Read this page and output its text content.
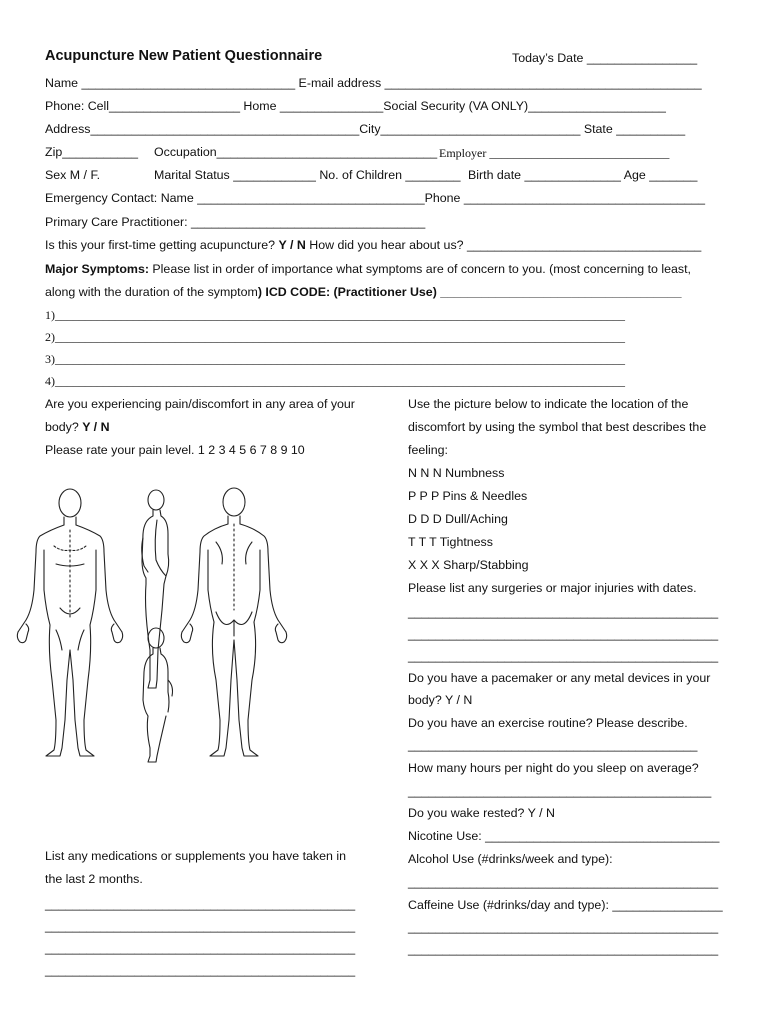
Acupuncture New Patient Questionnaire	Today’s Date ________________
Name _______________________________ E-mail address ______________________________________________
Phone: Cell___________________ Home _______________Social Security (VA ONLY)____________________
Address_______________________________________City_____________________________ State __________
Zip___________ Occupation________________________________ Employer ______________________________
Sex M / F.	Marital Status ____________ No. of Children ________ Birth date ______________ Age _______
Emergency Contact: Name _________________________________Phone ___________________________________
Primary Care Practitioner: __________________________________
Is this your first-time getting acupuncture? Y / N How did you hear about us? __________________________________
Major Symptoms: Please list in order of importance what symptoms are of concern to you. (most concerning to least,
along with the duration of the symptom) ICD CODE: (Practitioner Use) ___________________________________
1)_______________________________________________________________________________________________
2)_______________________________________________________________________________________________
3)_______________________________________________________________________________________________
4)_______________________________________________________________________________________________
Are you experiencing pain/discomfort in any area of your
body? Y / N
Please rate your pain level. 1 2 3 4 5 6 7 8 9 10
List any medications or supplements you have taken in
the last 2 months.
_____________________________________________
_____________________________________________
_____________________________________________
_____________________________________________
Use the picture below to indicate the location of the
discomfort by using the symbol that best describes the
feeling:
N N N Numbness
P P P Pins & Needles
D D D Dull/Aching
T T T Tightness
X X X Sharp/Stabbing
Please list any surgeries or major injuries with dates.
_____________________________________________
_____________________________________________
_____________________________________________
Do you have a pacemaker or any metal devices in your
body? Y / N
Do you have an exercise routine? Please describe.
__________________________________________
How many hours per night do you sleep on average?
____________________________________________
Do you wake rested? Y / N
Nicotine Use: __________________________________
Alcohol Use (#drinks/week and type):
_____________________________________________
Caffeine Use (#drinks/day and type): ________________
_____________________________________________
_____________________________________________
